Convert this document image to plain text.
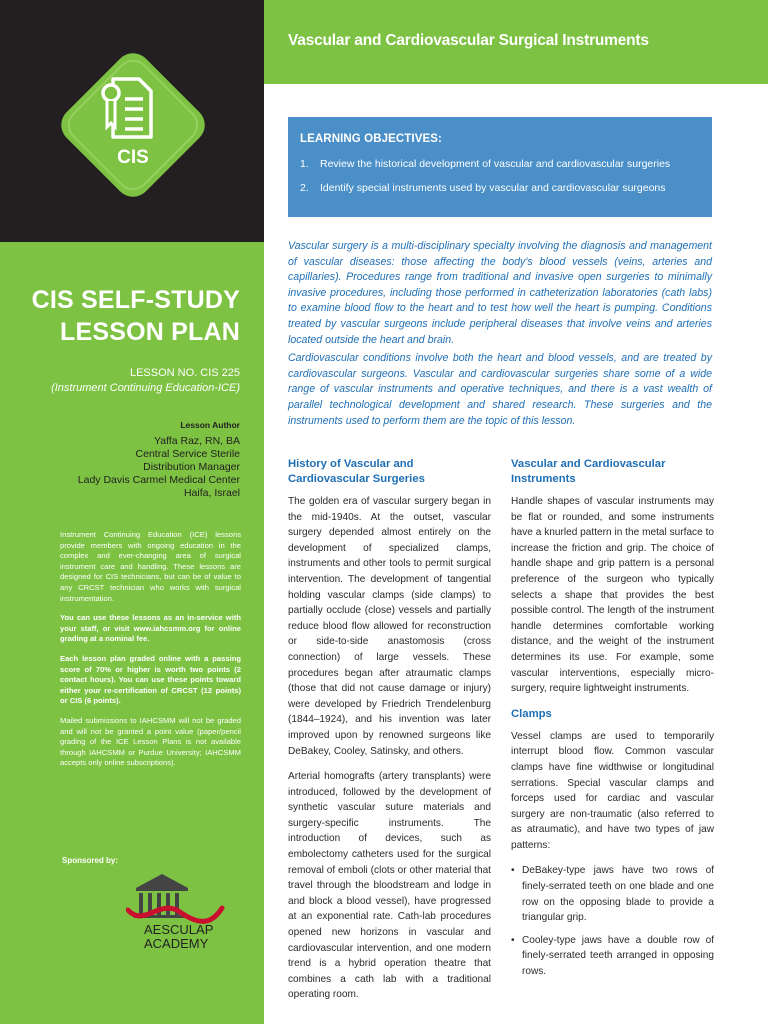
CIS
Vascular and Cardiovascular Surgical Instruments
LEARNING OBJECTIVES:
1.	Review the historical development of vascular and cardiovascular surgeries
2.	Identify special instruments used by vascular and cardiovascular surgeons
CIS SELF-STUDY
LESSON PLAN
LESSON NO. CIS 225
(Instrument Continuing Education-ICE)
Lesson Author
Yaffa Raz, RN, BA
Central Service Sterile
Distribution Manager
Lady Davis Carmel Medical Center
Haifa, Israel

Instrument Continuing Education (ICE) lessons provide members with ongoing education in the complex and ever-changing area of surgical instrument care and handling. These lessons are designed for CIS technicians, but can be of value to any CRCST technician who works with surgical instrumentation.

You can use these lessons as an in-service with your staff, or visit www.iahcsmm.org for online grading at a nominal fee.

Each lesson plan graded online with a passing score of 70% or higher is worth two points (2 contact hours). You can use these points toward either your re-certification of CRCST (12 points) or CIS (6 points).

Mailed submissions to IAHCSMM will not be graded and will not be granted a point value (paper/pencil grading of the ICE Lesson Plans is not available through IAHCSMM or Purdue University; IAHCSMM accepts only online subscriptions).

Sponsored by:
AESCULAP
ACADEMY

Vascular surgery is a multi-disciplinary specialty involving the diagnosis and management of vascular diseases: those affecting the body's blood vessels (veins, arteries and capillaries). Procedures range from traditional and invasive open surgeries to minimally invasive procedures, including those performed in catheterization laboratories (cath labs) to examine blood flow to the heart and to test how well the heart is pumping. Conditions treated by vascular surgeons include peripheral diseases that involve veins and arteries located outside the heart and brain.

Cardiovascular conditions involve both the heart and blood vessels, and are treated by cardiovascular surgeons. Vascular and cardiovascular surgeries share some of a wide range of vascular instruments and operative techniques, and there is a vast wealth of parallel technological development and shared research. These surgeries and the instruments used to perform them are the topic of this lesson.

History of Vascular and Cardiovascular Surgeries

The golden era of vascular surgery began in the mid-1940s. At the outset, vascular surgery depended almost entirely on the development of specialized clamps, instruments and other tools to permit surgical intervention. The development of tangential holding vascular clamps (side clamps) to partially occlude (close) vessels and partially reduce blood flow allowed for reconstruction or side-to-side anastomosis (cross connection) of large vessels. These procedures began after atraumatic clamps (those that did not cause damage or injury) were developed by Friedrich Trendelenburg (1844–1924), and his invention was later improved upon by renowned surgeons like DeBakey, Cooley, Satinsky, and others.

Arterial homografts (artery transplants) were introduced, followed by the development of synthetic vascular suture materials and surgery-specific instruments. The introduction of devices, such as embolectomy catheters used for the surgical removal of emboli (clots or other material that travel through the bloodstream and lodge in and block a blood vessel), have progressed at an exponential rate. Cath-lab procedures opened new horizons in vascular and cardiovascular intervention, and one modern trend is a hybrid operation theatre that combines a cath lab with a traditional operating room.

Vascular and Cardiovascular Instruments

Handle shapes of vascular instruments may be flat or rounded, and some instruments have a knurled pattern in the metal surface to increase the friction and grip. The choice of handle shape and grip pattern is a personal preference of the surgeon who typically selects a shape that provides the best possible control. The length of the instrument handle determines comfortable working distance, and the weight of the instrument determines its use. For example, some vascular interventions, especially micro-surgery, require lightweight instruments.

Clamps

Vessel clamps are used to temporarily interrupt blood flow. Common vascular clamps have fine widthwise or longitudinal serrations. Special vascular clamps and forceps used for cardiac and vascular surgery are non-traumatic (also referred to as atraumatic), and have two types of jaw patterns:

• DeBakey-type jaws have two rows of finely-serrated teeth on one blade and one row on the opposing blade to provide a triangular grip.
• Cooley-type jaws have a double row of finely-serrated teeth arranged in opposing rows.
